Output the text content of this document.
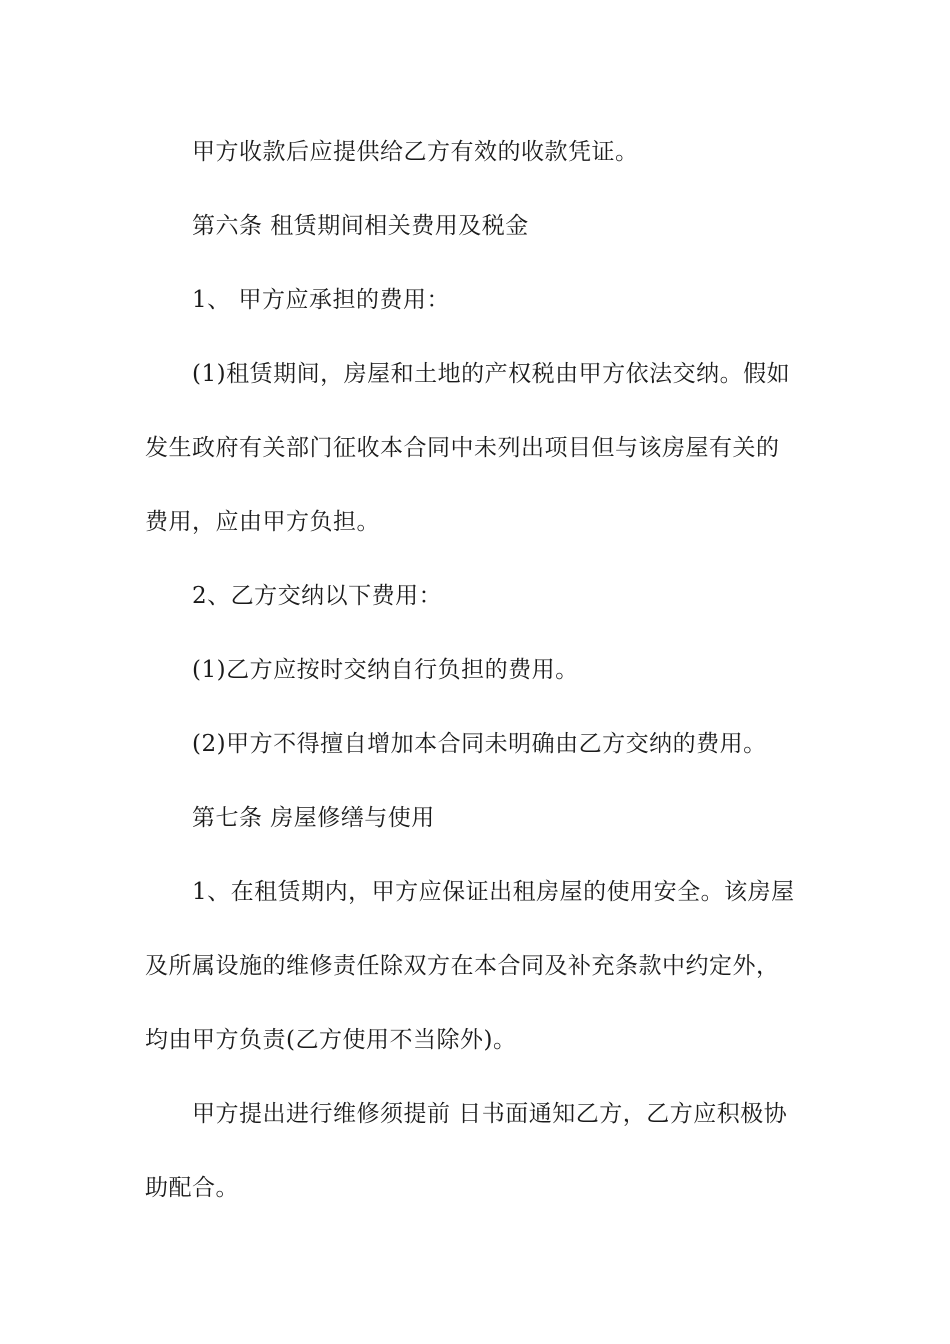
甲方收款后应提供给乙方有效的收款凭证。
第六条 租赁期间相关费用及税金
1、 甲方应承担的费用：
(1)租赁期间，房屋和土地的产权税由甲方依法交纳。假如
发生政府有关部门征收本合同中未列出项目但与该房屋有关的
费用，应由甲方负担。
2、乙方交纳以下费用：
(1)乙方应按时交纳自行负担的费用。
(2)甲方不得擅自增加本合同未明确由乙方交纳的费用。
第七条 房屋修缮与使用
1、在租赁期内，甲方应保证出租房屋的使用安全。该房屋
及所属设施的维修责任除双方在本合同及补充条款中约定外，
均由甲方负责(乙方使用不当除外)。
甲方提出进行维修须提前 日书面通知乙方，乙方应积极协
助配合。
